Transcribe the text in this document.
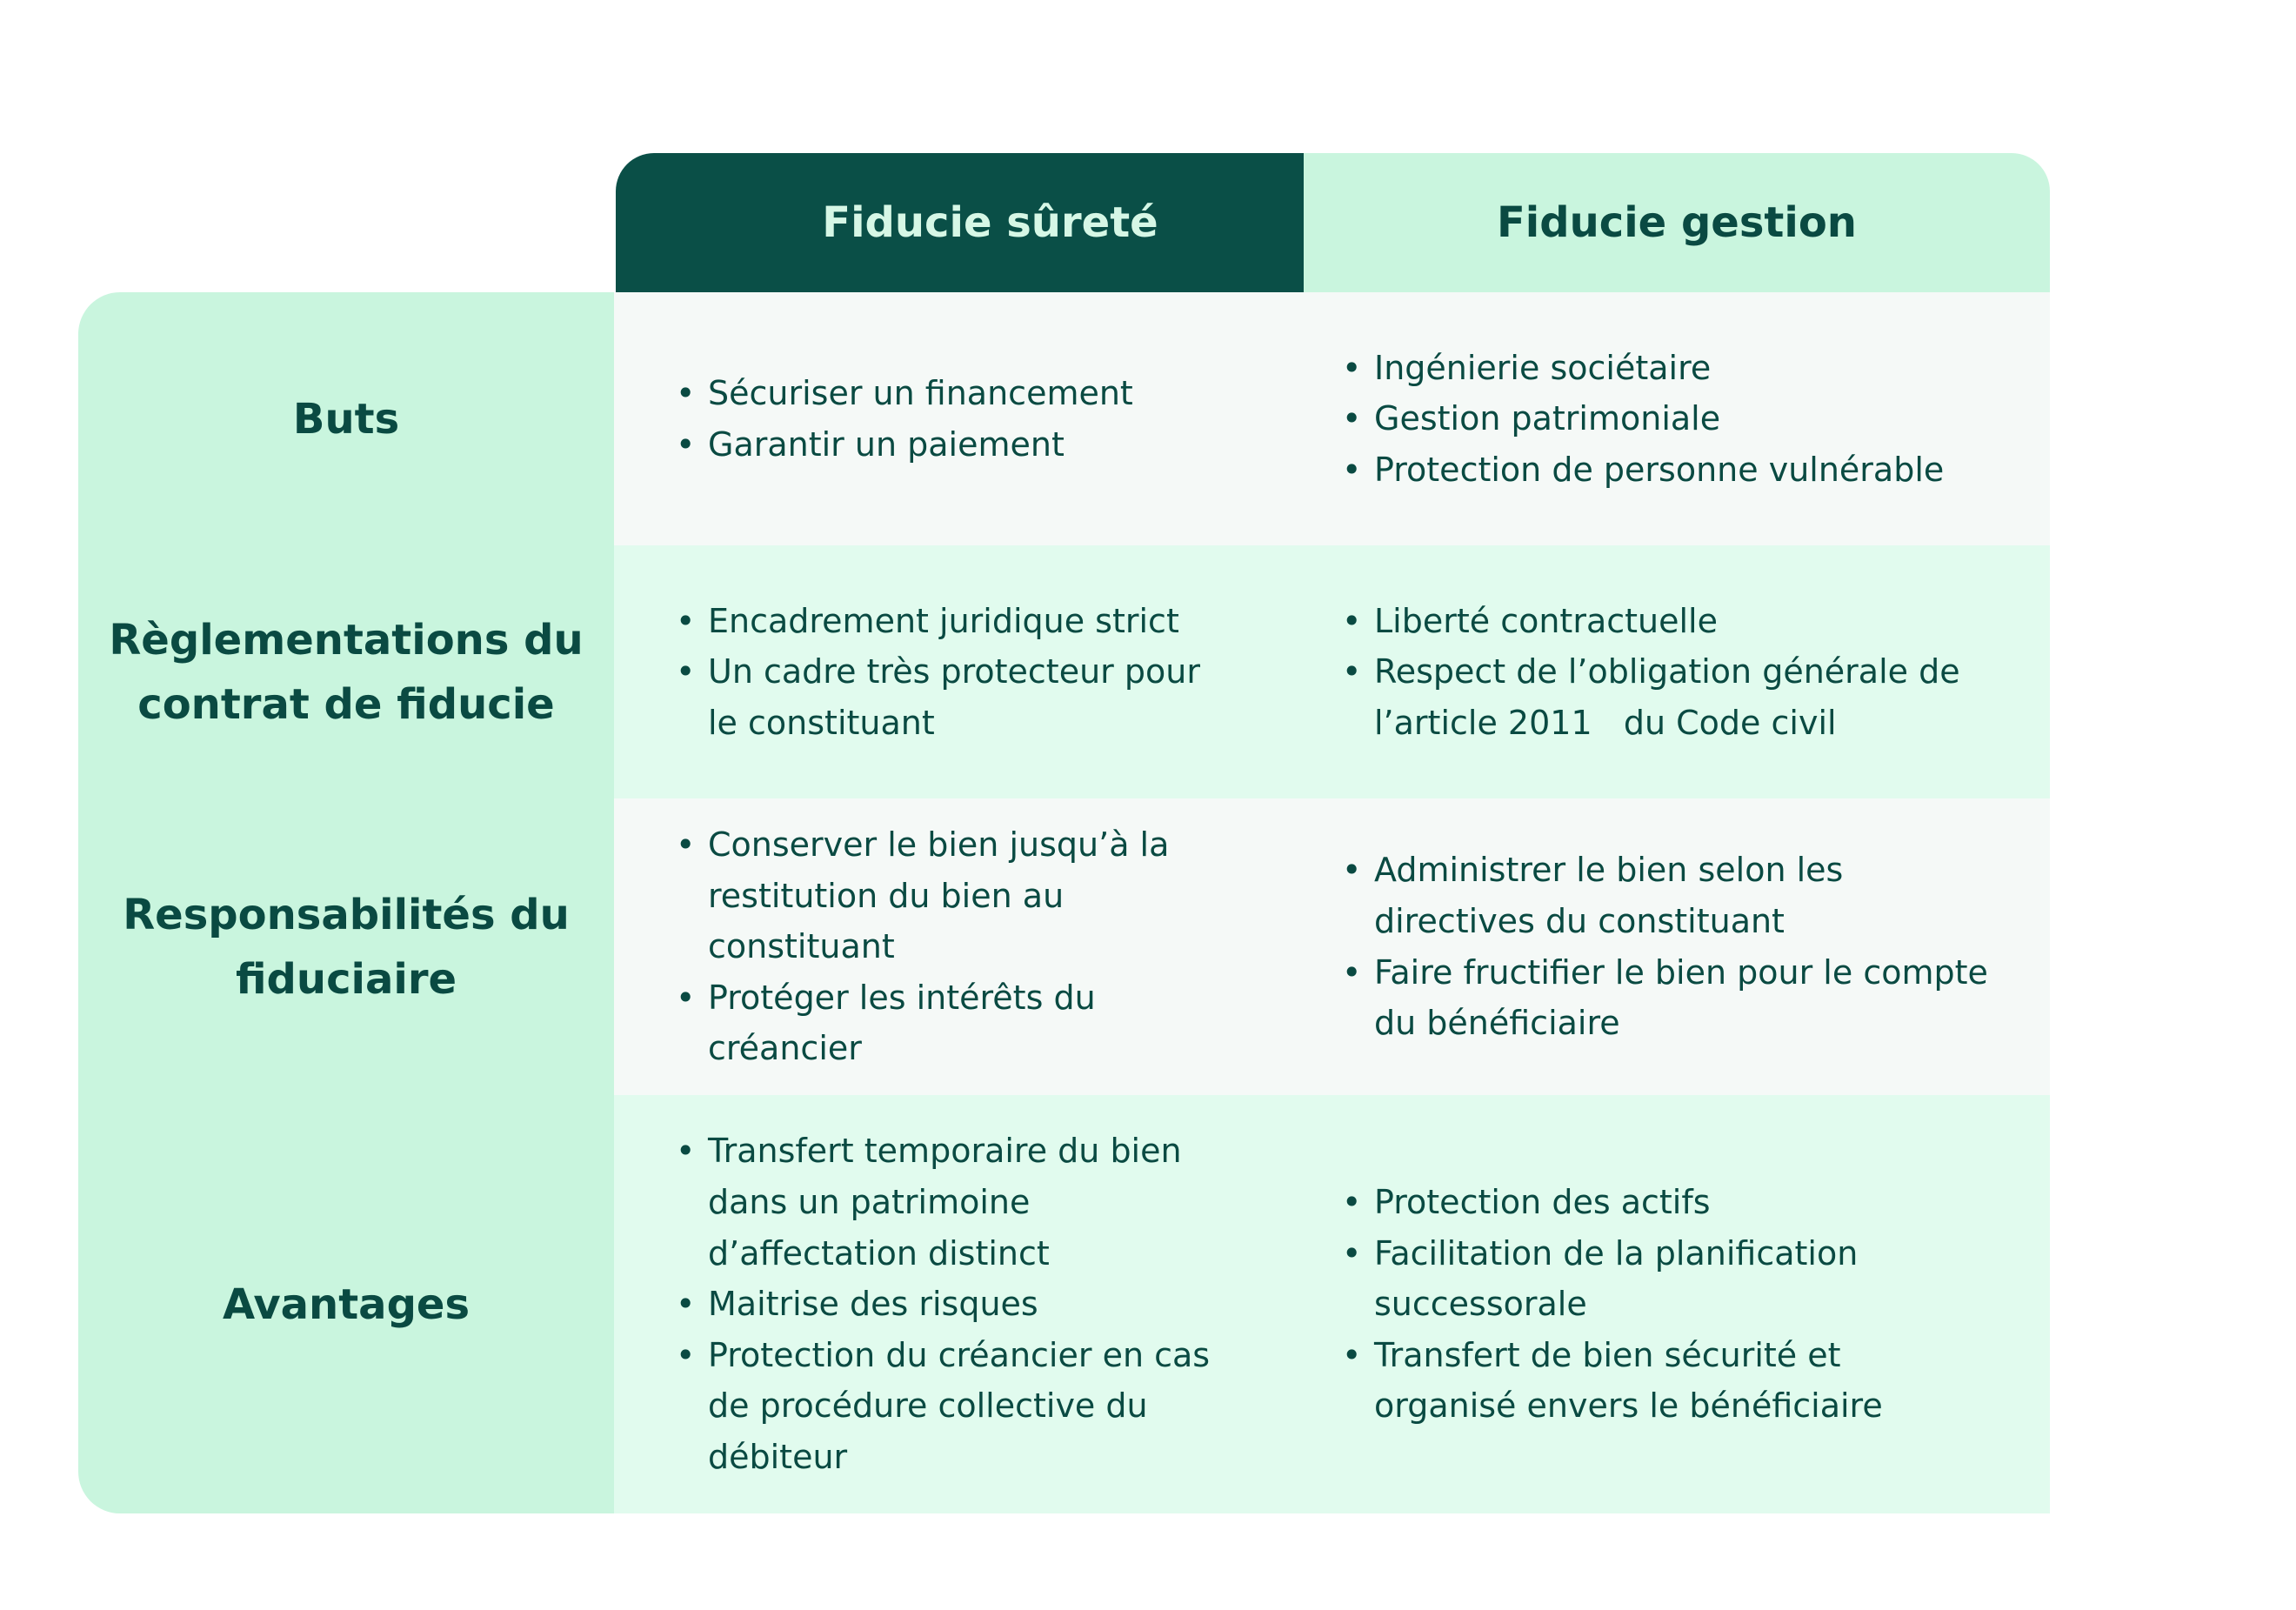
Fiducie sûreté	Fiducie gestion
Buts
• Sécuriser un financement
• Garantir un paiement
• Ingénierie sociétaire
• Gestion patrimoniale
• Protection de personne vulnérable
Règlementations du
contrat de fiducie
• Encadrement juridique strict
• Un cadre très protecteur pour
le constituant
• Liberté contractuelle
• Respect de l’obligation générale de
l’article 2011   du Code civil
Responsabilités du
fiduciaire
• Conserver le bien jusqu’à la
restitution du bien au
constituant
• Protéger les intérêts du
créancier
• Administrer le bien selon les
directives du constituant
• Faire fructifier le bien pour le compte
du bénéficiaire
Avantages
• Transfert temporaire du bien
dans un patrimoine
d’affectation distinct
• Maitrise des risques
• Protection du créancier en cas
de procédure collective du
débiteur
• Protection des actifs
• Facilitation de la planification
successorale
• Transfert de bien sécurité et
organisé envers le bénéficiaire
